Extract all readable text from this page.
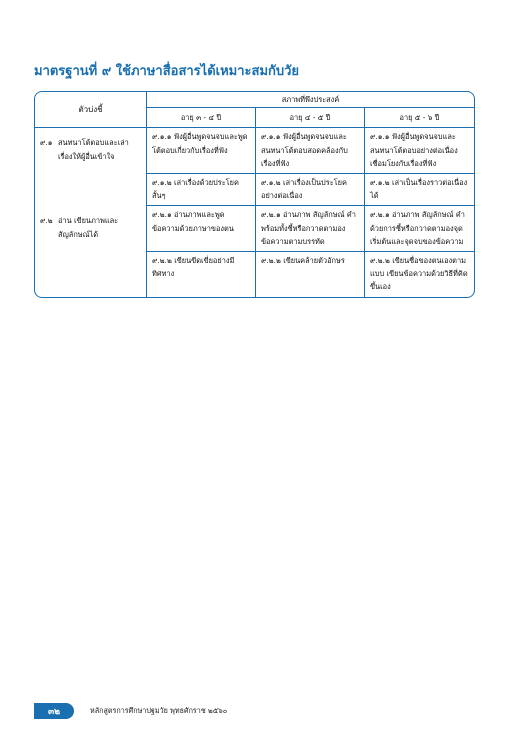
มาตรฐานที่ ๙ ใช้ภาษาสื่อสารได้เหมาะสมกับวัย
ตัวบ่งชี้	สภาพที่พึงประสงค์		
	อายุ ๓ - ๔ ปี	อายุ ๔ - ๕ ปี	อายุ ๕ - ๖ ปี

๙.๑ สนทนาโต้ตอบและเล่าเรื่องให้ผู้อื่นเข้าใจ	๙.๑.๑ ฟังผู้อื่นพูดจนจบและพูดโต้ตอบเกี่ยวกับเรื่องที่ฟัง	๙.๑.๑ ฟังผู้อื่นพูดจนจบและสนทนาโต้ตอบสอดคล้องกับเรื่องที่ฟัง	๙.๑.๑ ฟังผู้อื่นพูดจนจบและสนทนาโต้ตอบอย่างต่อเนื่อง เชื่อมโยงกับเรื่องที่ฟัง
	๙.๑.๒ เล่าเรื่องด้วยประโยคสั้นๆ	๙.๑.๒ เล่าเรื่องเป็นประโยคอย่างต่อเนื่อง	๙.๑.๒ เล่าเป็นเรื่องราวต่อเนื่องได้

๙.๒ อ่าน เขียนภาพและสัญลักษณ์ได้	๙.๒.๑ อ่านภาพและพูดข้อความด้วยภาษาของตน	๙.๒.๑ อ่านภาพ สัญลักษณ์ คำ พร้อมทั้งชี้หรือกวาดตามองข้อความตามบรรทัด	๙.๒.๑ อ่านภาพ สัญลักษณ์ คำ ด้วยการชี้หรือกวาดตามองจุดเริ่มต้นและจุดจบของข้อความ
	๙.๒.๒ เขียนขีดเขี่ยอย่างมีทิศทาง	๙.๒.๒ เขียนคล้ายตัวอักษร	๙.๒.๒ เขียนชื่อของตนเองตามแบบ เขียนข้อความด้วยวิธีที่คิดขึ้นเอง
๓๒	หลักสูตรการศึกษาปฐมวัย พุทธศักราช ๒๕๖๐
